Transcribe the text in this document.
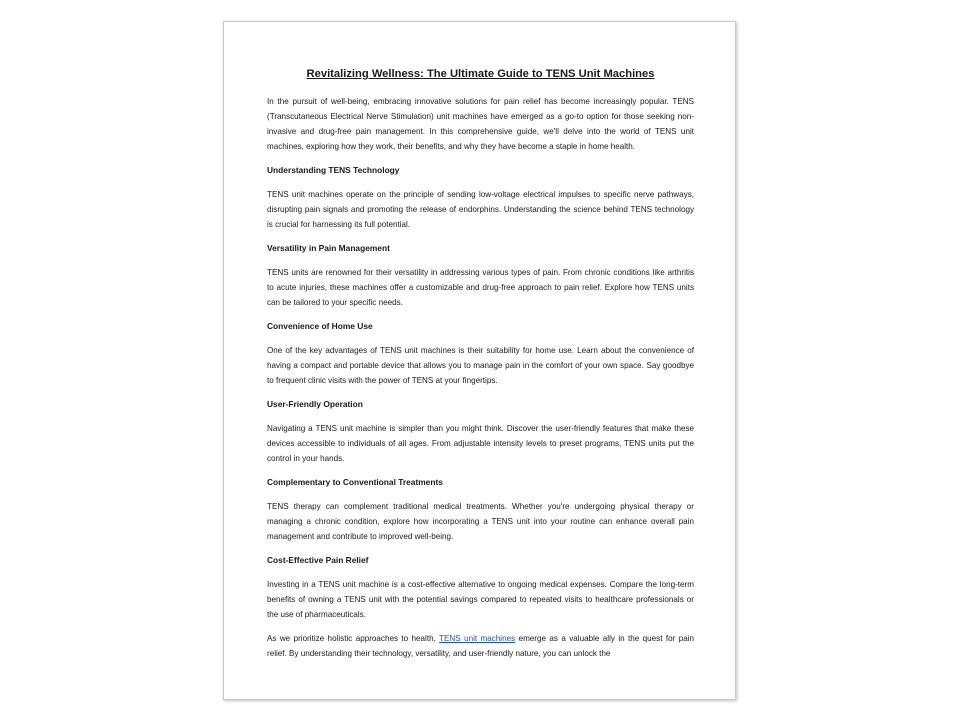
Revitalizing Wellness: The Ultimate Guide to TENS Unit Machines

In the pursuit of well-being, embracing innovative solutions for pain relief has become increasingly popular. TENS (Transcutaneous Electrical Nerve Stimulation) unit machines have emerged as a go-to option for those seeking non-invasive and drug-free pain management. In this comprehensive guide, we'll delve into the world of TENS unit machines, exploring how they work, their benefits, and why they have become a staple in home health.

Understanding TENS Technology

TENS unit machines operate on the principle of sending low-voltage electrical impulses to specific nerve pathways, disrupting pain signals and promoting the release of endorphins. Understanding the science behind TENS technology is crucial for harnessing its full potential.

Versatility in Pain Management

TENS units are renowned for their versatility in addressing various types of pain. From chronic conditions like arthritis to acute injuries, these machines offer a customizable and drug-free approach to pain relief. Explore how TENS units can be tailored to your specific needs.

Convenience of Home Use

One of the key advantages of TENS unit machines is their suitability for home use. Learn about the convenience of having a compact and portable device that allows you to manage pain in the comfort of your own space. Say goodbye to frequent clinic visits with the power of TENS at your fingertips.

User-Friendly Operation

Navigating a TENS unit machine is simpler than you might think. Discover the user-friendly features that make these devices accessible to individuals of all ages. From adjustable intensity levels to preset programs, TENS units put the control in your hands.

Complementary to Conventional Treatments

TENS therapy can complement traditional medical treatments. Whether you're undergoing physical therapy or managing a chronic condition, explore how incorporating a TENS unit into your routine can enhance overall pain management and contribute to improved well-being.

Cost-Effective Pain Relief

Investing in a TENS unit machine is a cost-effective alternative to ongoing medical expenses. Compare the long-term benefits of owning a TENS unit with the potential savings compared to repeated visits to healthcare professionals or the use of pharmaceuticals.

As we prioritize holistic approaches to health, TENS unit machines emerge as a valuable ally in the quest for pain relief. By understanding their technology, versatility, and user-friendly nature, you can unlock the
